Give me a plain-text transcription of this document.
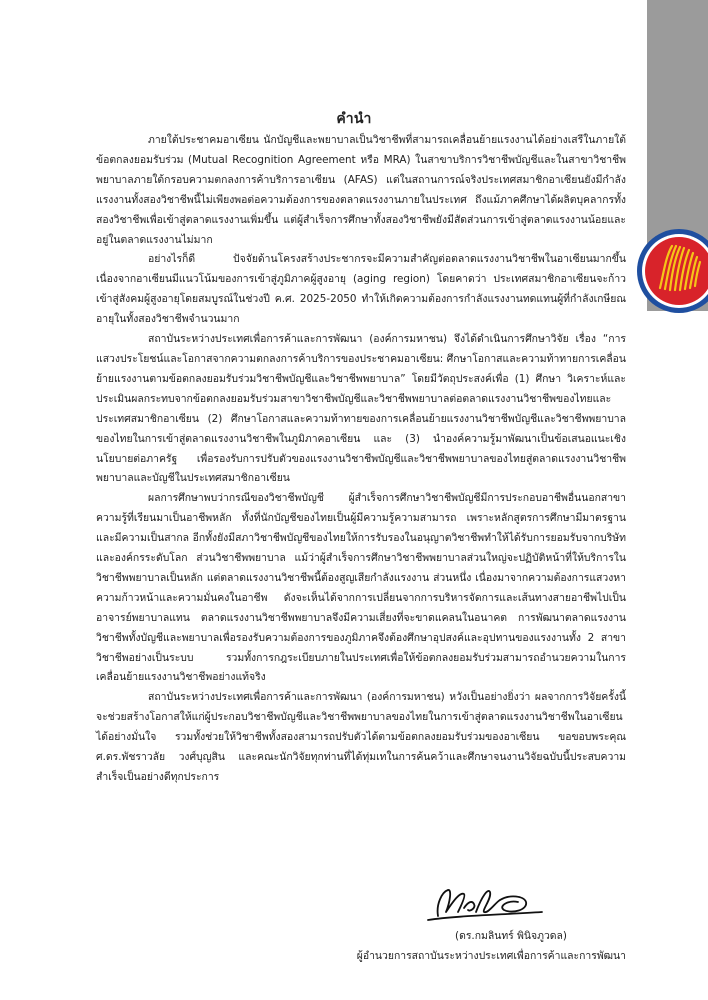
คำนำ

ภายใต้ประชาคมอาเซียน นักบัญชีและพยาบาลเป็นวิชาชีพที่สามารถเคลื่อนย้ายแรงงานได้อย่างเสรีในภายใต้ข้อตกลงยอมรับร่วม (Mutual Recognition Agreement หรือ MRA) ในสาขาบริการวิชาชีพบัญชีและในสาขาวิชาชีพพยาบาลภายใต้กรอบความตกลงการค้าบริการอาเซียน (AFAS) แต่ในสถานการณ์จริงประเทศสมาชิกอาเซียนยังมีกำลังแรงงานทั้งสองวิชาชีพนี้ไม่เพียงพอต่อความต้องการของตลาดแรงงานภายในประเทศ ถึงแม้ภาคศึกษาได้ผลิตบุคลากรทั้งสองวิชาชีพเพื่อเข้าสู่ตลาดแรงงานเพิ่มขึ้น แต่ผู้สำเร็จการศึกษาทั้งสองวิชาชีพยังมีสัดส่วนการเข้าสู่ตลาดแรงงานน้อยและอยู่ในตลาดแรงงานไม่มาก

อย่างไรก็ดี ปัจจัยด้านโครงสร้างประชากรจะมีความสำคัญต่อตลาดแรงงานวิชาชีพในอาเซียนมากขึ้น เนื่องจากอาเซียนมีแนวโน้มของการเข้าสู่ภูมิภาคผู้สูงอายุ (aging region) โดยคาดว่า ประเทศสมาชิกอาเซียนจะก้าวเข้าสู่สังคมผู้สูงอายุโดยสมบูรณ์ในช่วงปี ค.ศ. 2025-2050 ทำให้เกิดความต้องการกำลังแรงงานทดแทนผู้ที่กำลังเกษียณอายุในทั้งสองวิชาชีพจำนวนมาก

สถาบันระหว่างประเทศเพื่อการค้าและการพัฒนา (องค์การมหาชน) จึงได้ดำเนินการศึกษาวิจัย เรื่อง “การแสวงประโยชน์และโอกาสจากความตกลงการค้าบริการของประชาคมอาเซียน: ศึกษาโอกาสและความท้าทายการเคลื่อนย้ายแรงงานตามข้อตกลงยอมรับร่วมวิชาชีพบัญชีและวิชาชีพพยาบาล” โดยมีวัตถุประสงค์เพื่อ (1) ศึกษา วิเคราะห์และประเมินผลกระทบจากข้อตกลงยอมรับร่วมสาขาวิชาชีพบัญชีและวิชาชีพพยาบาลต่อตลาดแรงงานวิชาชีพของไทยและประเทศสมาชิกอาเซียน (2) ศึกษาโอกาสและความท้าทายของการเคลื่อนย้ายแรงงานวิชาชีพบัญชีและวิชาชีพพยาบาลของไทยในการเข้าสู่ตลาดแรงงานวิชาชีพในภูมิภาคอาเซียน และ (3) นำองค์ความรู้มาพัฒนาเป็นข้อเสนอแนะเชิงนโยบายต่อภาครัฐ เพื่อรองรับการปรับตัวของแรงงานวิชาชีพบัญชีและวิชาชีพพยาบาลของไทยสู่ตลาดแรงงานวิชาชีพพยาบาลและบัญชีในประเทศสมาชิกอาเซียน

ผลการศึกษาพบว่ากรณีของวิชาชีพบัญชี ผู้สำเร็จการศึกษาวิชาชีพบัญชีมีการประกอบอาชีพอื่นนอกสาขาความรู้ที่เรียนมาเป็นอาชีพหลัก ทั้งที่นักบัญชีของไทยเป็นผู้มีความรู้ความสามารถ เพราะหลักสูตรการศึกษามีมาตรฐานและมีความเป็นสากล อีกทั้งยังมีสภาวิชาชีพบัญชีของไทยให้การรับรองในอนุญาตวิชาชีพทำให้ได้รับการยอมรับจากบริษัทและองค์กรระดับโลก ส่วนวิชาชีพพยาบาล แม้ว่าผู้สำเร็จการศึกษาวิชาชีพพยาบาลส่วนใหญ่จะปฏิบัติหน้าที่ให้บริการในวิชาชีพพยาบาลเป็นหลัก แต่ตลาดแรงงานวิชาชีพนี้ต้องสูญเสียกำลังแรงงาน ส่วนหนึ่ง เนื่องมาจากความต้องการแสวงหาความก้าวหน้าและความมั่นคงในอาชีพ ดังจะเห็นได้จากการเปลี่ยนจากการบริหารจัดการและเส้นทางสายอาชีพไปเป็นอาจารย์พยาบาลแทน ตลาดแรงงานวิชาชีพพยาบาลจึงมีความเสี่ยงที่จะขาดแคลนในอนาคต การพัฒนาตลาดแรงงานวิชาชีพทั้งบัญชีและพยาบาลเพื่อรองรับความต้องการของภูมิภาคจึงต้องศึกษาอุปสงค์และอุปทานของแรงงานทั้ง 2 สาขาวิชาชีพอย่างเป็นระบบ รวมทั้งการกฎระเบียบภายในประเทศเพื่อให้ข้อตกลงยอมรับร่วมสามารถอำนวยความในการเคลื่อนย้ายแรงงานวิชาชีพอย่างแท้จริง

สถาบันระหว่างประเทศเพื่อการค้าและการพัฒนา (องค์การมหาชน) หวังเป็นอย่างยิ่งว่า ผลจากการวิจัยครั้งนี้จะช่วยสร้างโอกาสให้แก่ผู้ประกอบวิชาชีพบัญชีและวิชาชีพพยาบาลของไทยในการเข้าสู่ตลาดแรงงานวิชาชีพในอาเซียนได้อย่างมั่นใจ รวมทั้งช่วยให้วิชาชีพทั้งสองสามารถปรับตัวได้ตามข้อตกลงยอมรับร่วมของอาเซียน ขอขอบพระคุณ ศ.ดร.พัชราวลัย วงศ์บุญสิน และคณะนักวิจัยทุกท่านที่ได้ทุ่มเทในการค้นคว้าและศึกษาจนงานวิจัยฉบับนี้ประสบความสำเร็จเป็นอย่างดีทุกประการ

(ดร.กมลินทร์ พินิจภูวดล)
ผู้อำนวยการสถาบันระหว่างประเทศเพื่อการค้าและการพัฒนา
